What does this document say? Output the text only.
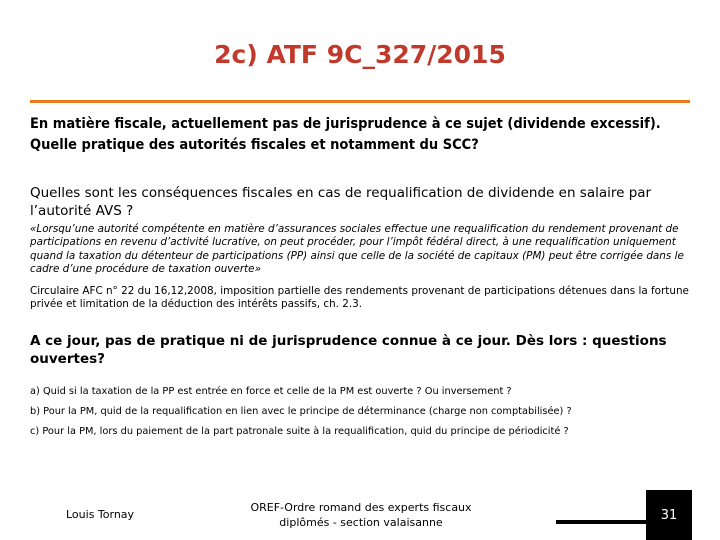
2c) ATF 9C_327/2015
En matière fiscale, actuellement pas de jurisprudence à ce sujet (dividende excessif). Quelle pratique des autorités fiscales et notamment du SCC?
Quelles sont les conséquences fiscales en cas de requalification de dividende en salaire par l’autorité AVS ?
«Lorsqu’une autorité compétente en matière d’assurances sociales effectue une requalification du rendement provenant de participations en revenu d’activité lucrative, on peut procéder, pour l’impôt fédéral direct, à une requalification uniquement quand la taxation du détenteur de participations (PP) ainsi que celle de la société de capitaux (PM) peut être corrigée dans le cadre d’une procédure de taxation ouverte»
Circulaire AFC n° 22 du 16,12,2008, imposition partielle des rendements provenant de participations détenues dans la fortune privée et limitation de la déduction des intérêts passifs, ch. 2.3.
A ce jour, pas de pratique ni de jurisprudence connue à ce jour. Dès lors : questions ouvertes?
a) Quid si la taxation de la PP est entrée en force et celle de la PM est ouverte ? Ou inversement ?
b) Pour la PM, quid de la requalification en lien avec le principe de déterminance (charge non comptabilisée) ?
c) Pour la PM, lors du paiement de la part patronale suite à la requalification, quid du principe de périodicité ?
Louis Tornay
OREF-Ordre romand des experts fiscaux
diplômés - section valaisanne	31
